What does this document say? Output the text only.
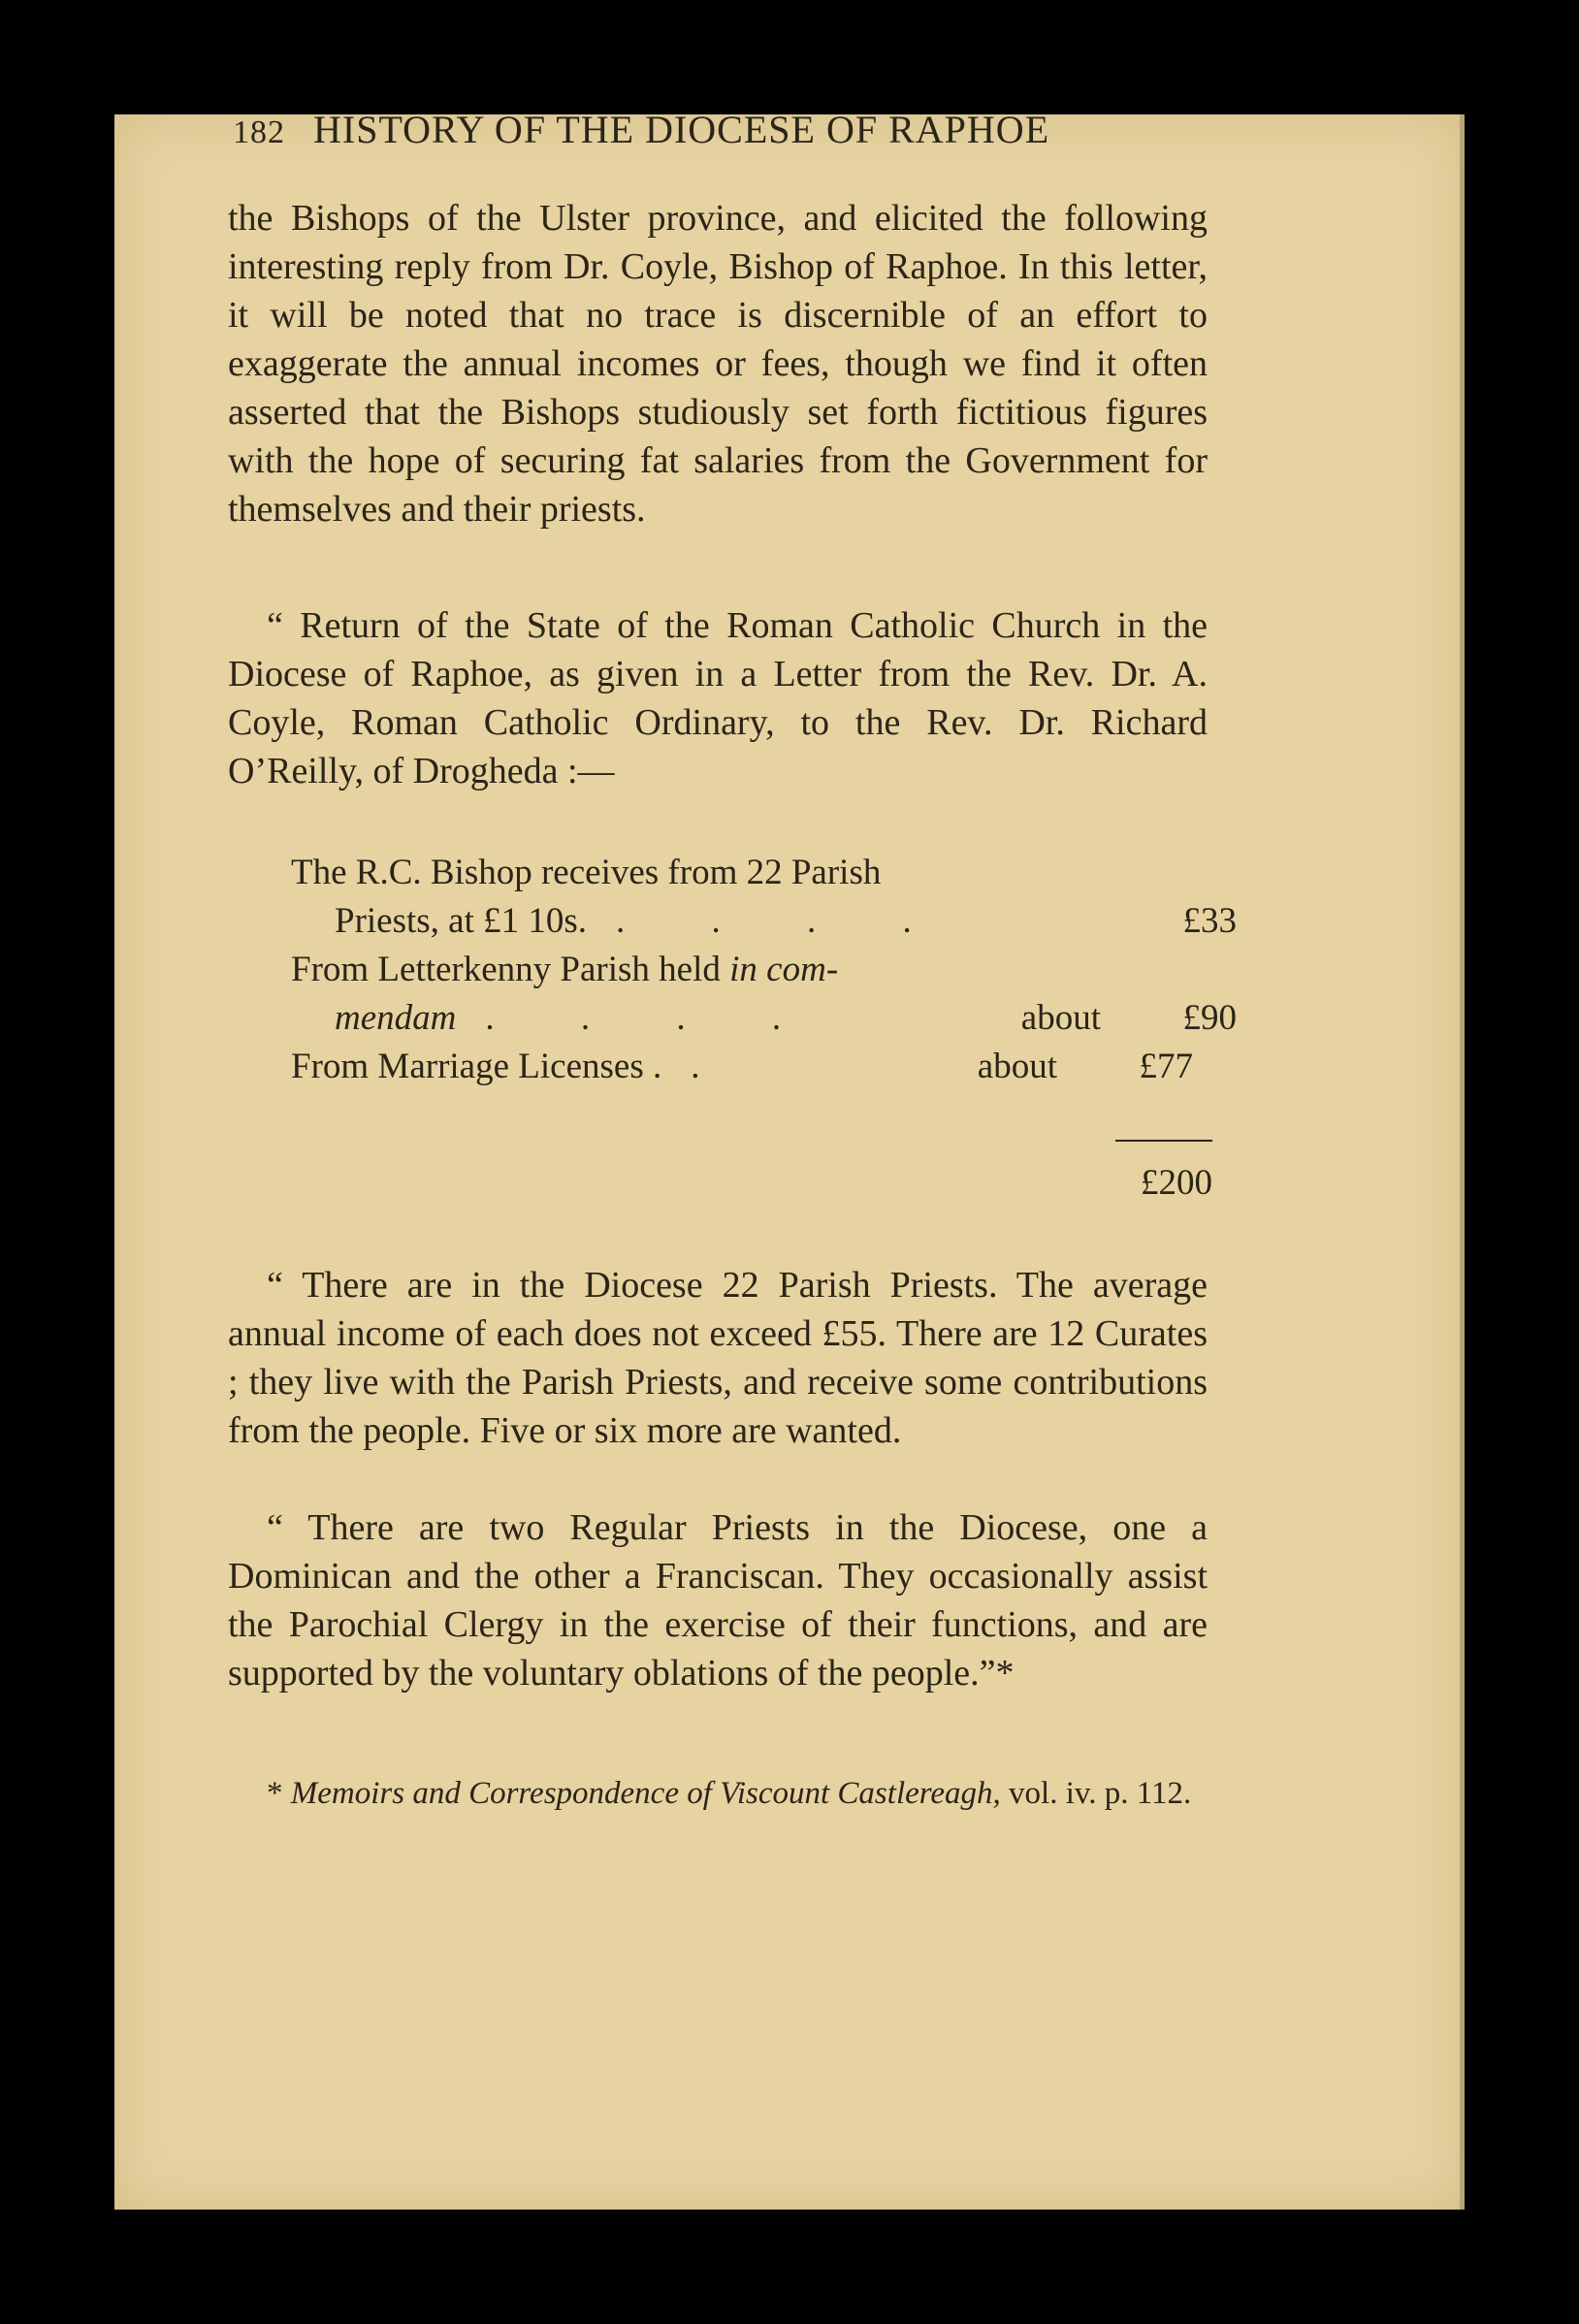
182 HISTORY OF THE DIOCESE OF RAPHOE

the Bishops of the Ulster province, and elicited the following interesting reply from Dr. Coyle, Bishop of Raphoe. In this letter, it will be noted that no trace is discernible of an effort to exaggerate the annual incomes or fees, though we find it often asserted that the Bishops studiously set forth fictitious figures with the hope of securing fat salaries from the Government for themselves and their priests.

“ Return of the State of the Roman Catholic Church in the Diocese of Raphoe, as given in a Letter from the Rev. Dr. A. Coyle, Roman Catholic Ordinary, to the Rev. Dr. Richard O’Reilly, of Drogheda :—

The R.C. Bishop receives from 22 Parish
Priests, at £1 10s. . . . .	£33
From Letterkenny Parish held in com-
mendam . . . .	about	£90
From Marriage Licenses . .	about	£77
£200

“ There are in the Diocese 22 Parish Priests. The average annual income of each does not exceed £55. There are 12 Curates ; they live with the Parish Priests, and receive some contributions from the people. Five or six more are wanted.

“ There are two Regular Priests in the Diocese, one a Dominican and the other a Franciscan. They occasionally assist the Parochial Clergy in the exercise of their functions, and are supported by the voluntary oblations of the people.”*

* Memoirs and Correspondence of Viscount Castlereagh, vol. iv. p. 112.
